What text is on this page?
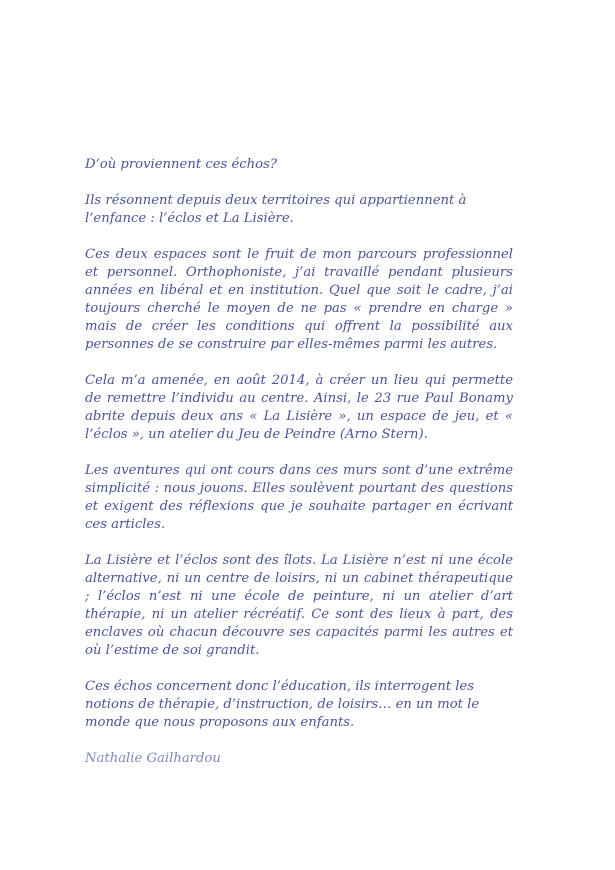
D’où proviennent ces échos?

Ils résonnent depuis deux territoires qui appartiennent à l’enfance : l’éclos et La Lisière.

Ces deux espaces sont le fruit de mon parcours professionnel et personnel. Orthophoniste, j’ai travaillé pendant plusieurs années en libéral et en institution. Quel que soit le cadre, j’ai toujours cherché le moyen de ne pas « prendre en charge » mais de créer les conditions qui offrent la possibilité aux personnes de se construire par elles-mêmes parmi les autres.

Cela m’a amenée, en août 2014, à créer un lieu qui permette de remettre l’individu au centre. Ainsi, le 23 rue Paul Bonamy abrite depuis deux ans « La Lisière », un espace de jeu, et « l’éclos », un atelier du Jeu de Peindre (Arno Stern).

Les aventures qui ont cours dans ces murs sont d’une extrême simplicité : nous jouons. Elles soulèvent pourtant des questions et exigent des réflexions que je souhaite partager en écrivant ces articles.

La Lisière et l’éclos sont des îlots. La Lisière n’est ni une école alternative, ni un centre de loisirs, ni un cabinet thérapeutique ; l’éclos n’est ni une école de peinture, ni un atelier d’art thérapie, ni un atelier récréatif. Ce sont des lieux à part, des enclaves où chacun découvre ses capacités parmi les autres et où l’estime de soi grandit.

Ces échos concernent donc l’éducation, ils interrogent les notions de thérapie, d’instruction, de loisirs… en un mot le monde que nous proposons aux enfants.

Nathalie Gailhardou
